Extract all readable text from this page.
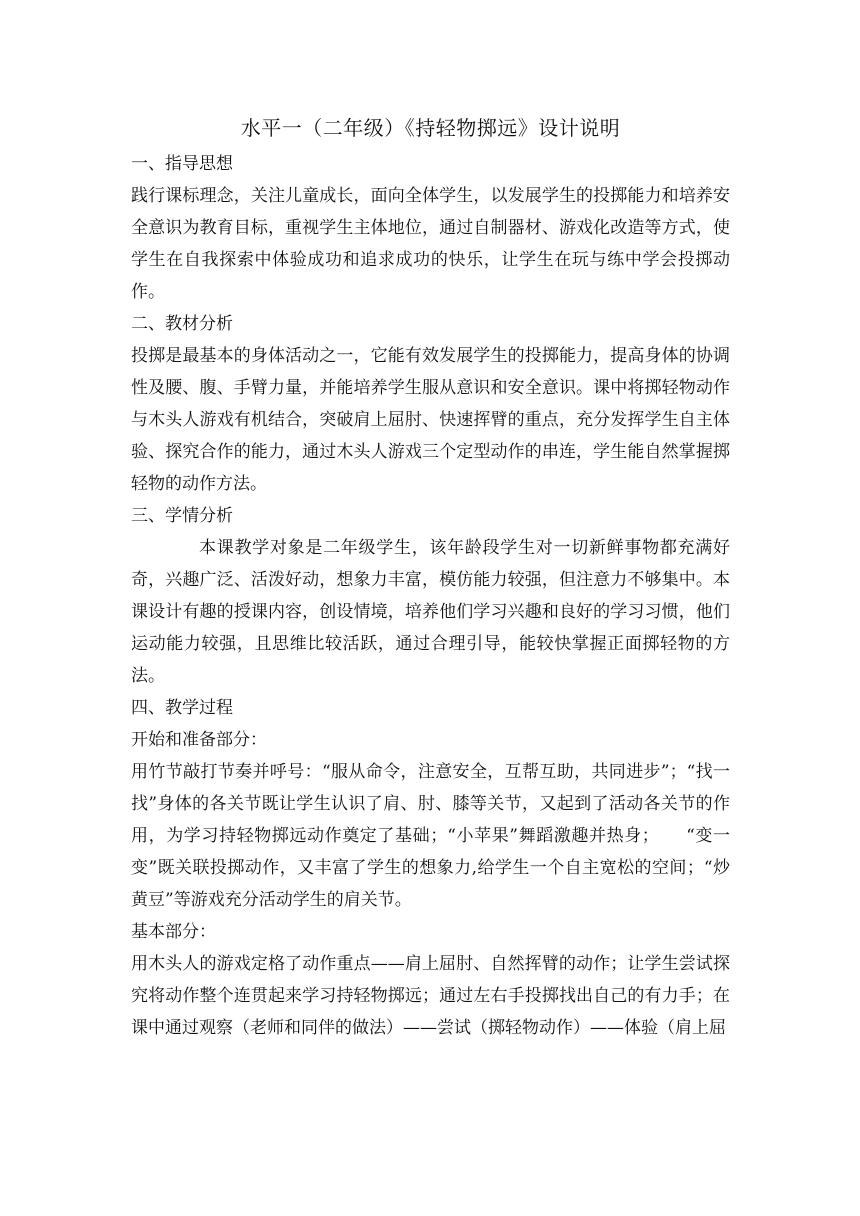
水平一（二年级）《持轻物掷远》设计说明

一、指导思想

践行课标理念，关注儿童成长，面向全体学生，以发展学生的投掷能力和培养安全意识为教育目标，重视学生主体地位，通过自制器材、游戏化改造等方式，使学生在自我探索中体验成功和追求成功的快乐，让学生在玩与练中学会投掷动作。

二、教材分析

投掷是最基本的身体活动之一，它能有效发展学生的投掷能力，提高身体的协调性及腰、腹、手臂力量，并能培养学生服从意识和安全意识。课中将掷轻物动作与木头人游戏有机结合，突破肩上屈肘、快速挥臂的重点，充分发挥学生自主体验、探究合作的能力，通过木头人游戏三个定型动作的串连，学生能自然掌握掷轻物的动作方法。

三、学情分析

本课教学对象是二年级学生，该年龄段学生对一切新鲜事物都充满好奇，兴趣广泛、活泼好动，想象力丰富，模仿能力较强，但注意力不够集中。本课设计有趣的授课内容，创设情境，培养他们学习兴趣和良好的学习习惯，他们运动能力较强，且思维比较活跃，通过合理引导，能较快掌握正面掷轻物的方法。

四、教学过程

开始和准备部分：

用竹节敲打节奏并呼号：“服从命令，注意安全，互帮互助，共同进步”；“找一找”身体的各关节既让学生认识了肩、肘、膝等关节，又起到了活动各关节的作用，为学习持轻物掷远动作奠定了基础；“小苹果”舞蹈激趣并热身；　　“变一变”既关联投掷动作，又丰富了学生的想象力,给学生一个自主宽松的空间；“炒黄豆”等游戏充分活动学生的肩关节。

基本部分：

用木头人的游戏定格了动作重点——肩上屈肘、自然挥臂的动作；让学生尝试探究将动作整个连贯起来学习持轻物掷远；通过左右手投掷找出自己的有力手；在课中通过观察（老师和同伴的做法）——尝试（掷轻物动作）——体验（肩上屈
